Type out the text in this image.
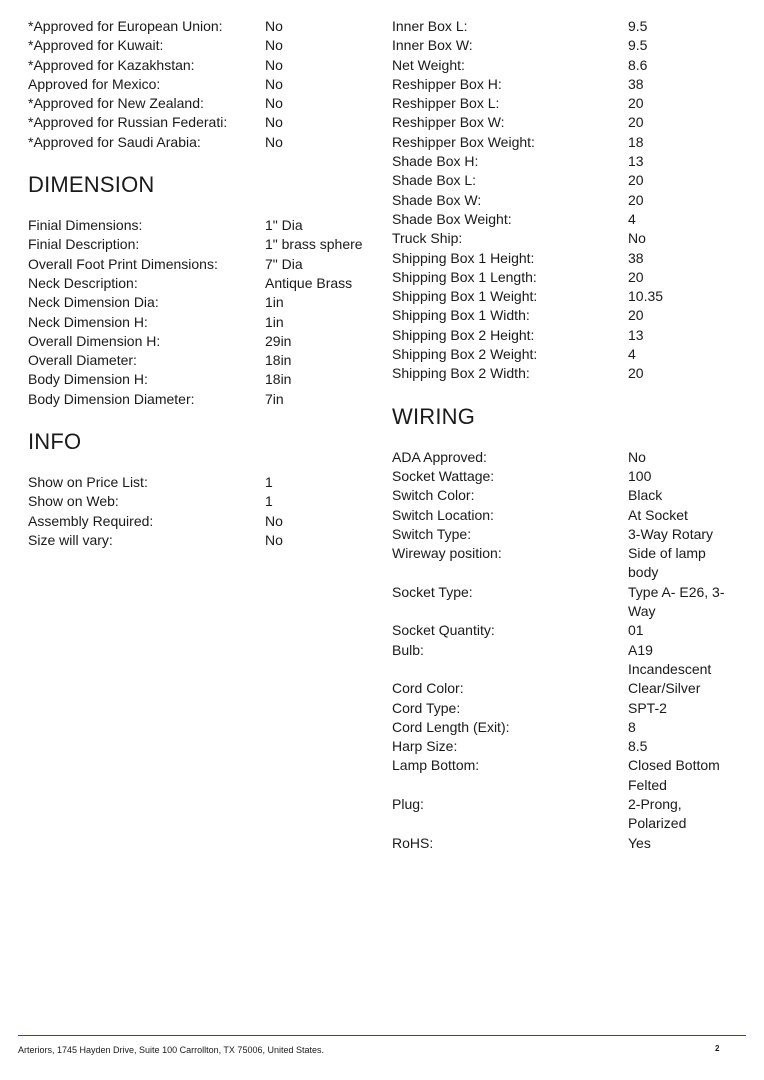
*Approved for European Union:	No
*Approved for Kuwait:	No
*Approved for Kazakhstan:	No
Approved for Mexico:	No
*Approved for New Zealand:	No
*Approved for Russian Federati:	No
*Approved for Saudi Arabia:	No
DIMENSION
Finial Dimensions:	1" Dia
Finial Description:	1" brass sphere
Overall Foot Print Dimensions:	7" Dia
Neck Description:	Antique Brass
Neck Dimension Dia:	1in
Neck Dimension H:	1in
Overall Dimension H:	29in
Overall Diameter:	18in
Body Dimension H:	18in
Body Dimension Diameter:	7in
INFO
Show on Price List:	1
Show on Web:	1
Assembly Required:	No
Size will vary:	No
Inner Box L:	9.5
Inner Box W:	9.5
Net Weight:	8.6
Reshipper Box H:	38
Reshipper Box L:	20
Reshipper Box W:	20
Reshipper Box Weight:	18
Shade Box H:	13
Shade Box L:	20
Shade Box W:	20
Shade Box Weight:	4
Truck Ship:	No
Shipping Box 1 Height:	38
Shipping Box 1 Length:	20
Shipping Box 1 Weight:	10.35
Shipping Box 1 Width:	20
Shipping Box 2 Height:	13
Shipping Box 2 Weight:	4
Shipping Box 2 Width:	20
WIRING
ADA Approved:	No
Socket Wattage:	100
Switch Color:	Black
Switch Location:	At Socket
Switch Type:	3-Way Rotary
Wireway position:	Side of lamp body
Socket Type:	Type A- E26, 3-Way
Socket Quantity:	01
Bulb:	A19 Incandescent
Cord Color:	Clear/Silver
Cord Type:	SPT-2
Cord Length (Exit):	8
Harp Size:	8.5
Lamp Bottom:	Closed Bottom Felted
Plug:	2-Prong, Polarized
RoHS:	Yes
Arteriors, 1745 Hayden Drive, Suite 100 Carrollton, TX 75006, United States.	2
